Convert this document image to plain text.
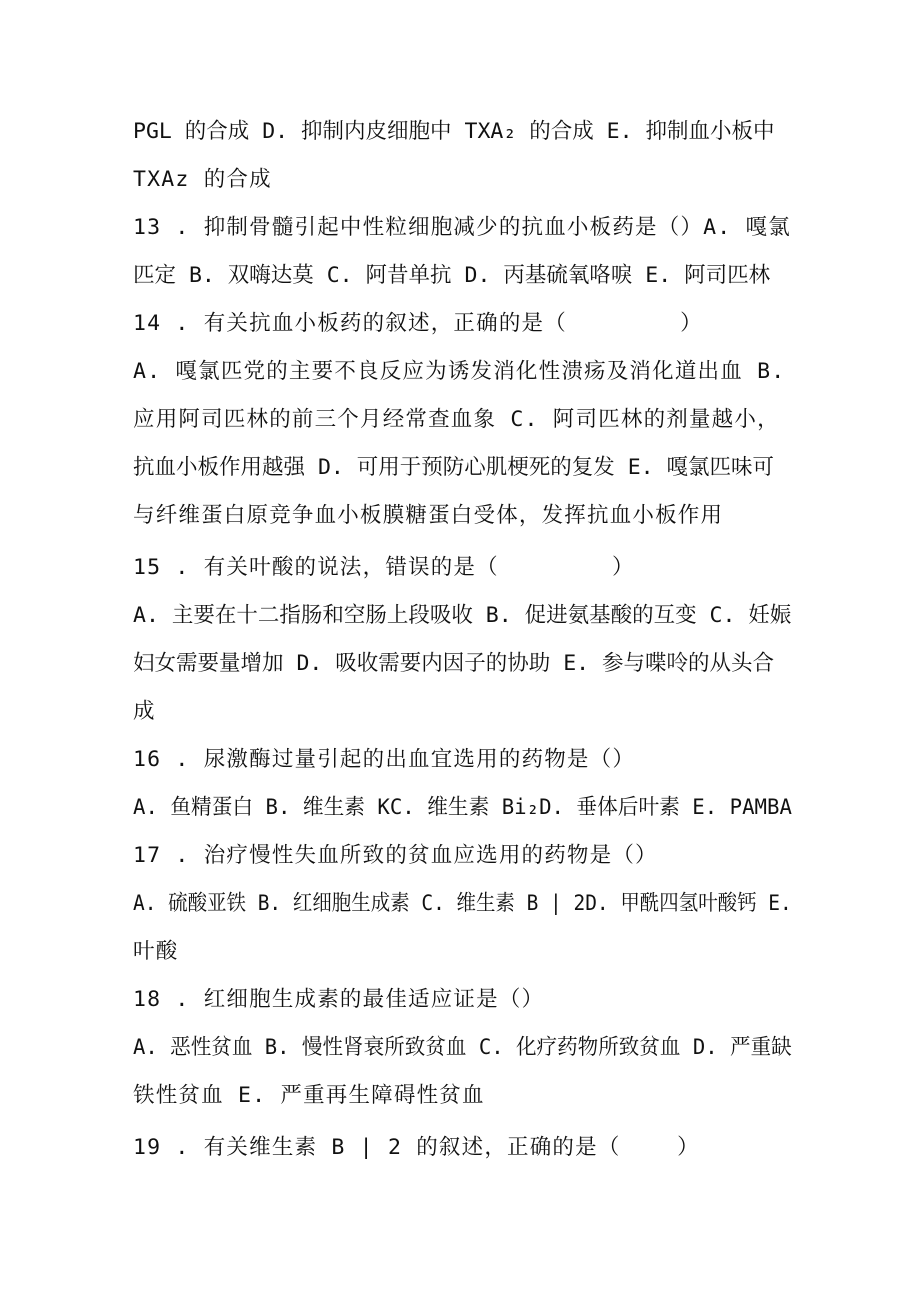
PGL 的合成 D. 抑制内皮细胞中 TXA₂ 的合成 E. 抑制血小板中
TXAz 的合成
13 . 抑制骨髓引起中性粒细胞减少的抗血小板药是（）A. 嘎氯
匹定 B. 双嗨达莫 C. 阿昔单抗 D. 丙基硫氧咯唳 E. 阿司匹林
14 . 有关抗血小板药的叙述，正确的是（        ）
A. 嘎氯匹党的主要不良反应为诱发消化性溃疡及消化道出血 B.
应用阿司匹林的前三个月经常查血象 C. 阿司匹林的剂量越小，
抗血小板作用越强 D. 可用于预防心肌梗死的复发 E. 嘎氯匹味可
与纤维蛋白原竞争血小板膜糖蛋白受体，发挥抗血小板作用
15 . 有关叶酸的说法，错误的是（        ）
A. 主要在十二指肠和空肠上段吸收 B. 促进氨基酸的互变 C. 妊娠
妇女需要量增加 D. 吸收需要内因子的协助 E. 参与喋呤的从头合
成
16 . 尿激酶过量引起的出血宜选用的药物是（）
A. 鱼精蛋白 B. 维生素 KC. 维生素 Bi₂D. 垂体后叶素 E. PAMBA
17 . 治疗慢性失血所致的贫血应选用的药物是（）
A. 硫酸亚铁 B. 红细胞生成素 C. 维生素 B | 2D. 甲酰四氢叶酸钙 E.
叶酸
18 . 红细胞生成素的最佳适应证是（）
A. 恶性贫血 B. 慢性肾衰所致贫血 C. 化疗药物所致贫血 D. 严重缺
铁性贫血 E. 严重再生障碍性贫血
19 . 有关维生素 B | 2 的叙述，正确的是（    ）
